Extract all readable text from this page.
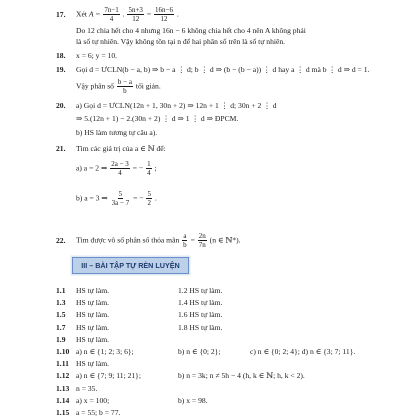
17. Xét $A = \frac{7n-1}{4}$ . $\frac{5n+3}{12} = \frac{16n-6}{12}$ .
Do 12 chia hết cho 4 nhưng 16n − 6 không chia hết cho 4 nên A không phải
là số tự nhiên. Vậy không tồn tại n để hai phân số trên là số tự nhiên.
18. x = 6; y = 10.
19. Gọi d = ƯCLN(b − a, b) ⇒ b − a ⋮ d; b ⋮ d ⇒ (b − (b − a)) ⋮ d hay a ⋮ d mà b ⋮ d ⇒ d = 1.
Vậy phân số $\frac{b - a}{b}$ tối giản.
20. a) Gọi d = ƯCLN(12n + 1, 30n + 2) ⇒ 12n + 1 ⋮ d; 30n + 2 ⋮ d
⇒ 5.(12n + 1) − 2.(30n + 2) ⋮ d ⇒ 1 ⋮ d ⇒ ĐPCM.
b) HS làm tương tự câu a).
21. Tìm các giá trị của a ∈ ℕ để:
a) a = 2 ⇒ $\frac{2a - 3}{4}$ = − $\frac{1}{4}$ ;
b) a = 3 ⇒ $\frac{5}{3a - 7}$ = − $\frac{5}{2}$ .
22. Tìm được vô số phân số thỏa mãn $\frac{a}{b} = \frac{2n}{7n} (n$ ∈ ℕ*).
III – BÀI TẬP TỰ RÈN LUYỆN
1.1 HS tự làm.	1.2 HS tự làm.
1.3 HS tự làm.	1.4 HS tự làm.
1.5 HS tự làm.	1.6 HS tự làm.
1.7 HS tự làm.	1.8 HS tự làm.
1.9 HS tự làm.
1.10 a) n ∈ {1; 2; 3; 6};	b) n ∈ {0; 2};	c) n ∈ {0; 2; 4}; d) n ∈ {3; 7; 11}.
1.11 HS tự làm.
1.12 a) n ∈ {7; 9; 11; 21};	b) n = 3k; n ≠ 5h − 4 (h, k ∈ ℕ; h, k < 2).
1.13 n = 35.
1.14 a) x = 100;	b) x = 98.
1.15 a = 55; b = 77.
